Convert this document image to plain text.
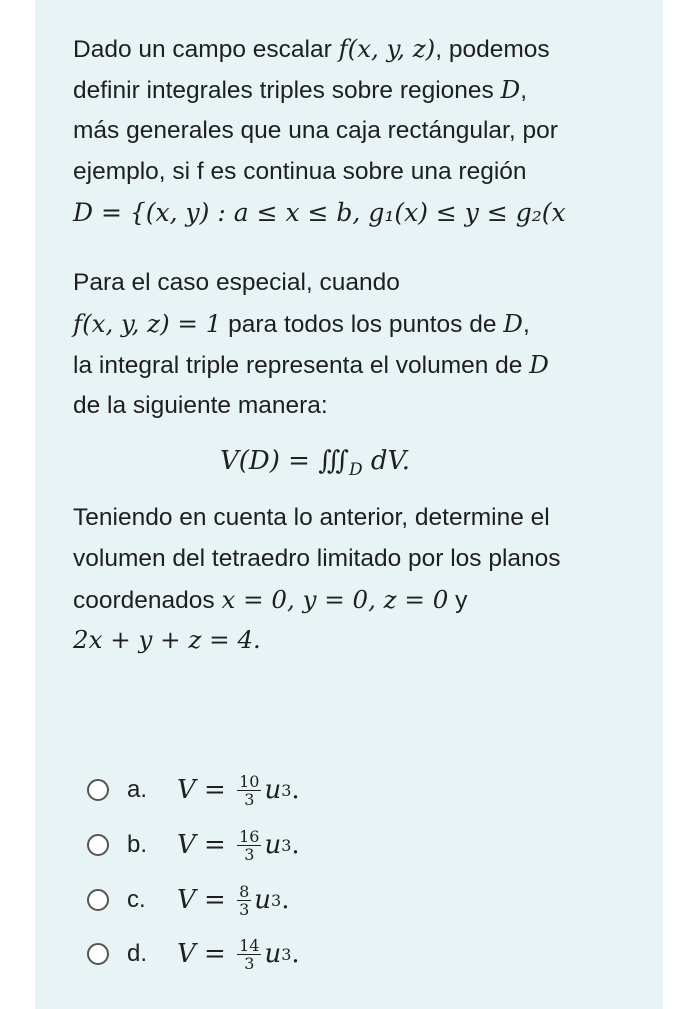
Dado un campo escalar f(x, y, z), podemos
definir integrales triples sobre regiones D,
más generales que una caja rectángular, por
ejemplo, si f es continua sobre una región
D = {(x, y) : a ≤ x ≤ b, g₁(x) ≤ y ≤ g₂(x
Para el caso especial, cuando
f(x, y, z) = 1 para todos los puntos de D,
la integral triple representa el volumen de D
de la siguiente manera:
$V(D) = ∭_D$ dV.
Teniendo en cuenta lo anterior, determine el
volumen del tetraedro limitado por los planos
coordenados x = 0, y = 0, z = 0 y
2x + y + z = 4.
a.	V
=
$\frac{10}{3}$ u 3 .
b.	V
=
$\frac{16}{3}$ u 3 .
c.	V
=
$\frac{8}{3}$ u 3 .
d.	V
=
$\frac{14}{3}$ u 3 .
